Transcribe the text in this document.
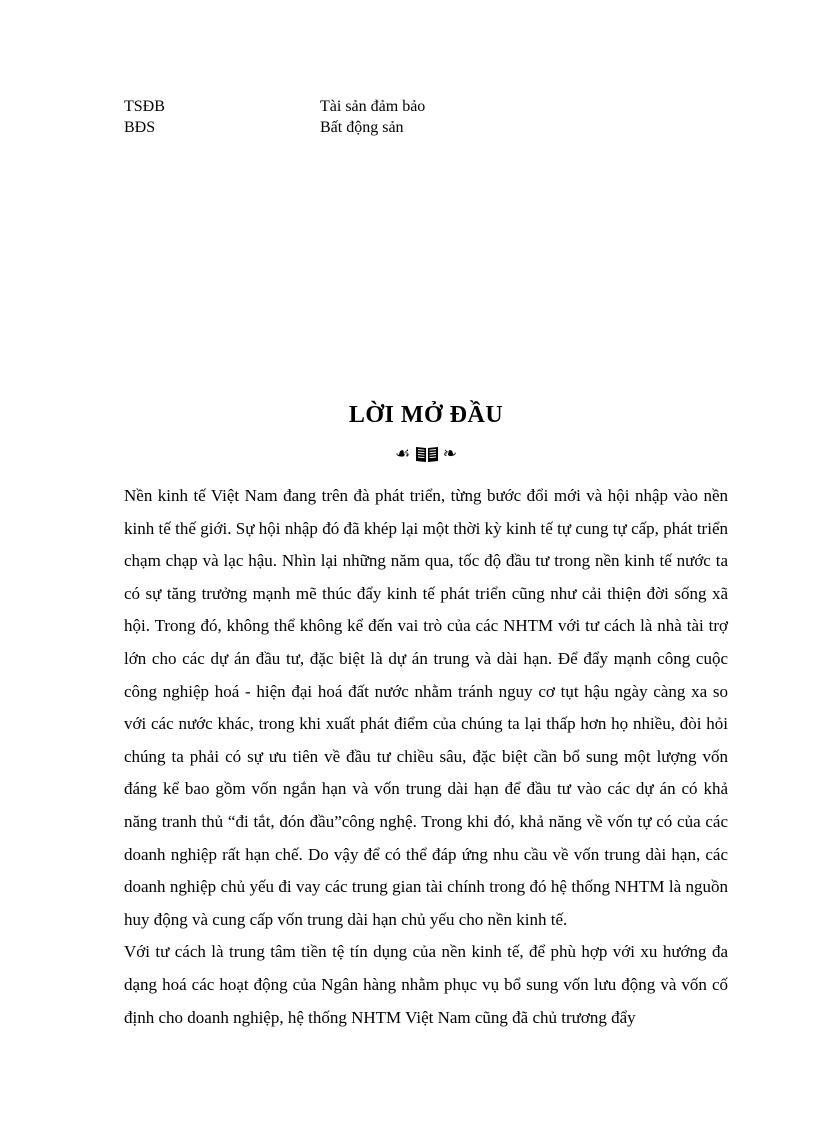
TSĐB	Tài sản đảm bảo
BĐS	Bất động sản
LỜI MỞ ĐẦU
☙ ❧

Nền kinh tế Việt Nam đang trên đà phát triển, từng bước đổi mới và hội nhập vào nền kinh tế thế giới. Sự hội nhập đó đã khép lại một thời kỳ kinh tế tự cung tự cấp, phát triển chạm chạp và lạc hậu. Nhìn lại những năm qua, tốc độ đầu tư trong nền kinh tế nước ta có sự tăng trưởng mạnh mẽ thúc đẩy kinh tế phát triển cũng như cải thiện đời sống xã hội. Trong đó, không thể không kể đến vai trò của các NHTM với tư cách là nhà tài trợ lớn cho các dự án đầu tư, đặc biệt là dự án trung và dài hạn. Để đẩy mạnh công cuộc công nghiệp hoá - hiện đại hoá đất nước nhằm tránh nguy cơ tụt hậu ngày càng xa so với các nước khác, trong khi xuất phát điểm của chúng ta lại thấp hơn họ nhiều, đòi hỏi chúng ta phải có sự ưu tiên về đầu tư chiều sâu, đặc biệt cần bổ sung một lượng vốn đáng kể bao gồm vốn ngắn hạn và vốn trung dài hạn để đầu tư vào các dự án có khả năng tranh thủ “đi tắt, đón đầu”công nghệ. Trong khi đó, khả năng về vốn tự có của các doanh nghiệp rất hạn chế. Do vậy để có thể đáp ứng nhu cầu về vốn trung dài hạn, các doanh nghiệp chủ yếu đi vay các trung gian tài chính trong đó hệ thống NHTM là nguồn huy động và cung cấp vốn trung dài hạn chủ yếu cho nền kinh tế.

Với tư cách là trung tâm tiền tệ tín dụng của nền kinh tế, để phù hợp với xu hướng đa dạng hoá các hoạt động của Ngân hàng nhằm phục vụ bổ sung vốn lưu động và vốn cố định cho doanh nghiệp, hệ thống NHTM Việt Nam cũng đã chủ trương đẩy
